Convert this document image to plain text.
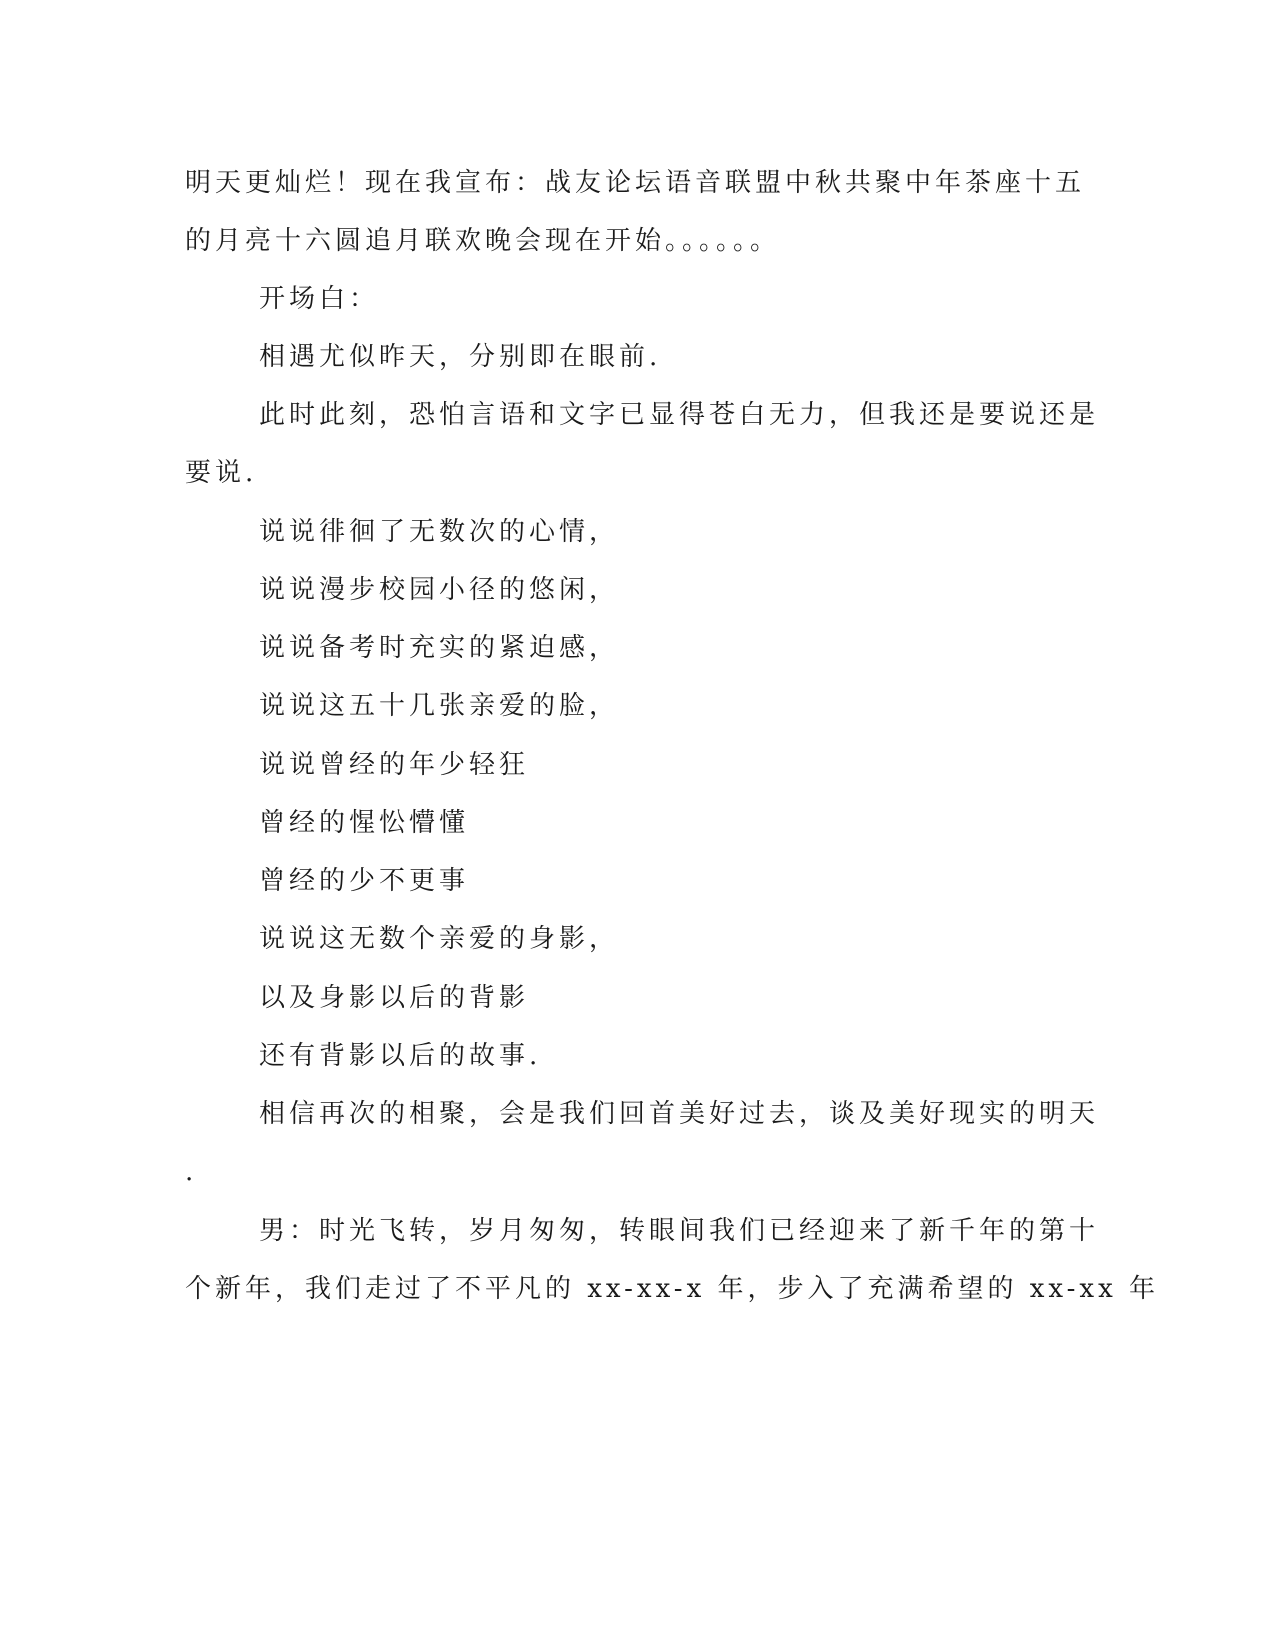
明天更灿烂！现在我宣布：战友论坛语音联盟中秋共聚中年茶座十五
的月亮十六圆追月联欢晚会现在开始。。。。。。
开场白：
相遇尤似昨天，分别即在眼前.
此时此刻，恐怕言语和文字已显得苍白无力，但我还是要说还是
要说.
说说徘徊了无数次的心情，
说说漫步校园小径的悠闲，
说说备考时充实的紧迫感，
说说这五十几张亲爱的脸，
说说曾经的年少轻狂
曾经的惺忪懵懂
曾经的少不更事
说说这无数个亲爱的身影，
以及身影以后的背影
还有背影以后的故事.
相信再次的相聚，会是我们回首美好过去，谈及美好现实的明天
.
男：时光飞转，岁月匆匆，转眼间我们已经迎来了新千年的第十
个新年，我们走过了不平凡的 xx-xx-x 年，步入了充满希望的 xx-xx 年
